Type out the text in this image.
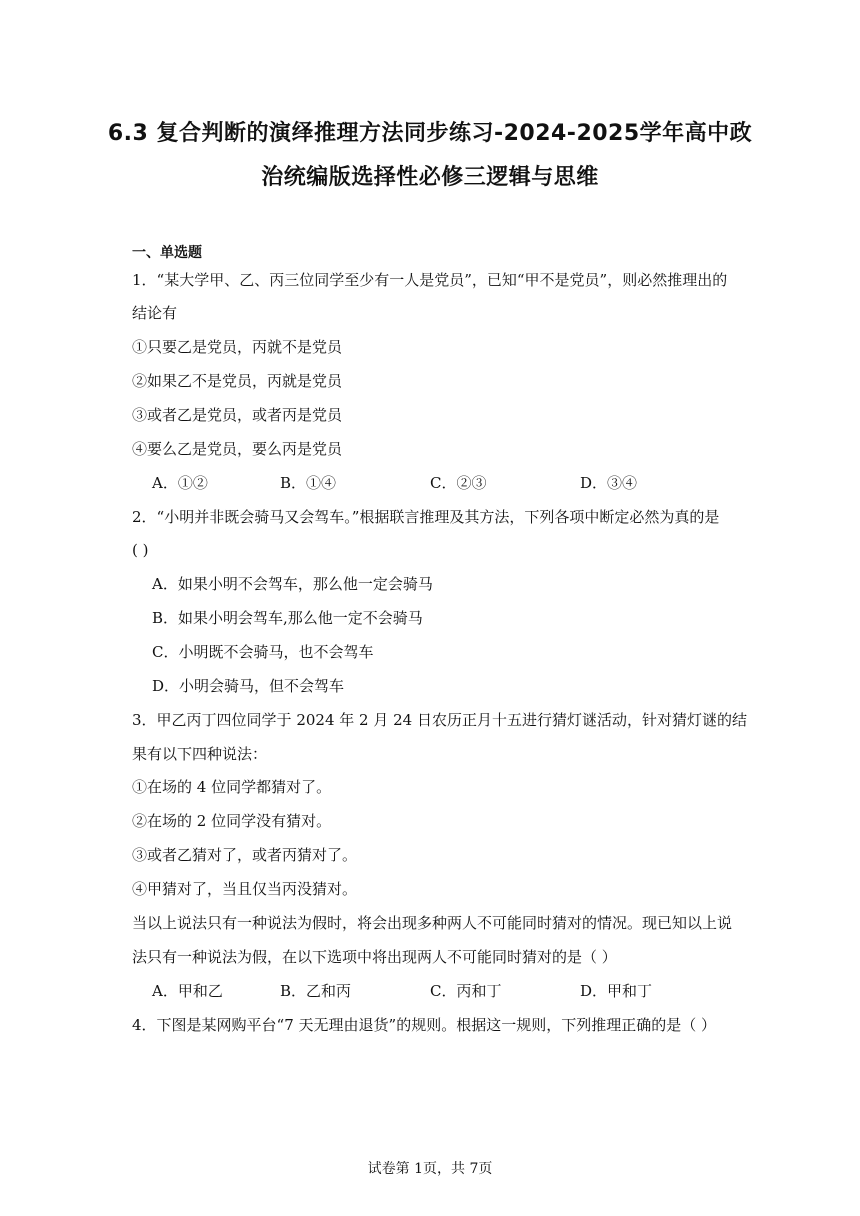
6.3 复合判断的演绎推理方法同步练习-2024-2025学年高中政
治统编版选择性必修三逻辑与思维
一、单选题
1．“某大学甲、乙、丙三位同学至少有一人是党员”，已知“甲不是党员”，则必然推理出的
结论有
①只要乙是党员，丙就不是党员
②如果乙不是党员，丙就是党员
③或者乙是党员，或者丙是党员
④要么乙是党员，要么丙是党员
A．①②	B．①④	C．②③	D．③④
2．“小明并非既会骑马又会驾车。”根据联言推理及其方法，下列各项中断定必然为真的是
( )
A．如果小明不会驾车，那么他一定会骑马
B．如果小明会驾车,那么他一定不会骑马
C．小明既不会骑马，也不会驾车
D．小明会骑马，但不会驾车
3．甲乙丙丁四位同学于 2024 年 2 月 24 日农历正月十五进行猜灯谜活动，针对猜灯谜的结
果有以下四种说法：
①在场的 4 位同学都猜对了。
②在场的 2 位同学没有猜对。
③或者乙猜对了，或者丙猜对了。
④甲猜对了，当且仅当丙没猜对。
当以上说法只有一种说法为假时，将会出现多种两人不可能同时猜对的情况。现已知以上说
法只有一种说法为假，在以下选项中将出现两人不可能同时猜对的是（ ）
A．甲和乙	B．乙和丙	C．丙和丁	D．甲和丁
4．下图是某网购平台“7 天无理由退货”的规则。根据这一规则，下列推理正确的是（ ）
试卷第 1页，共 7页
